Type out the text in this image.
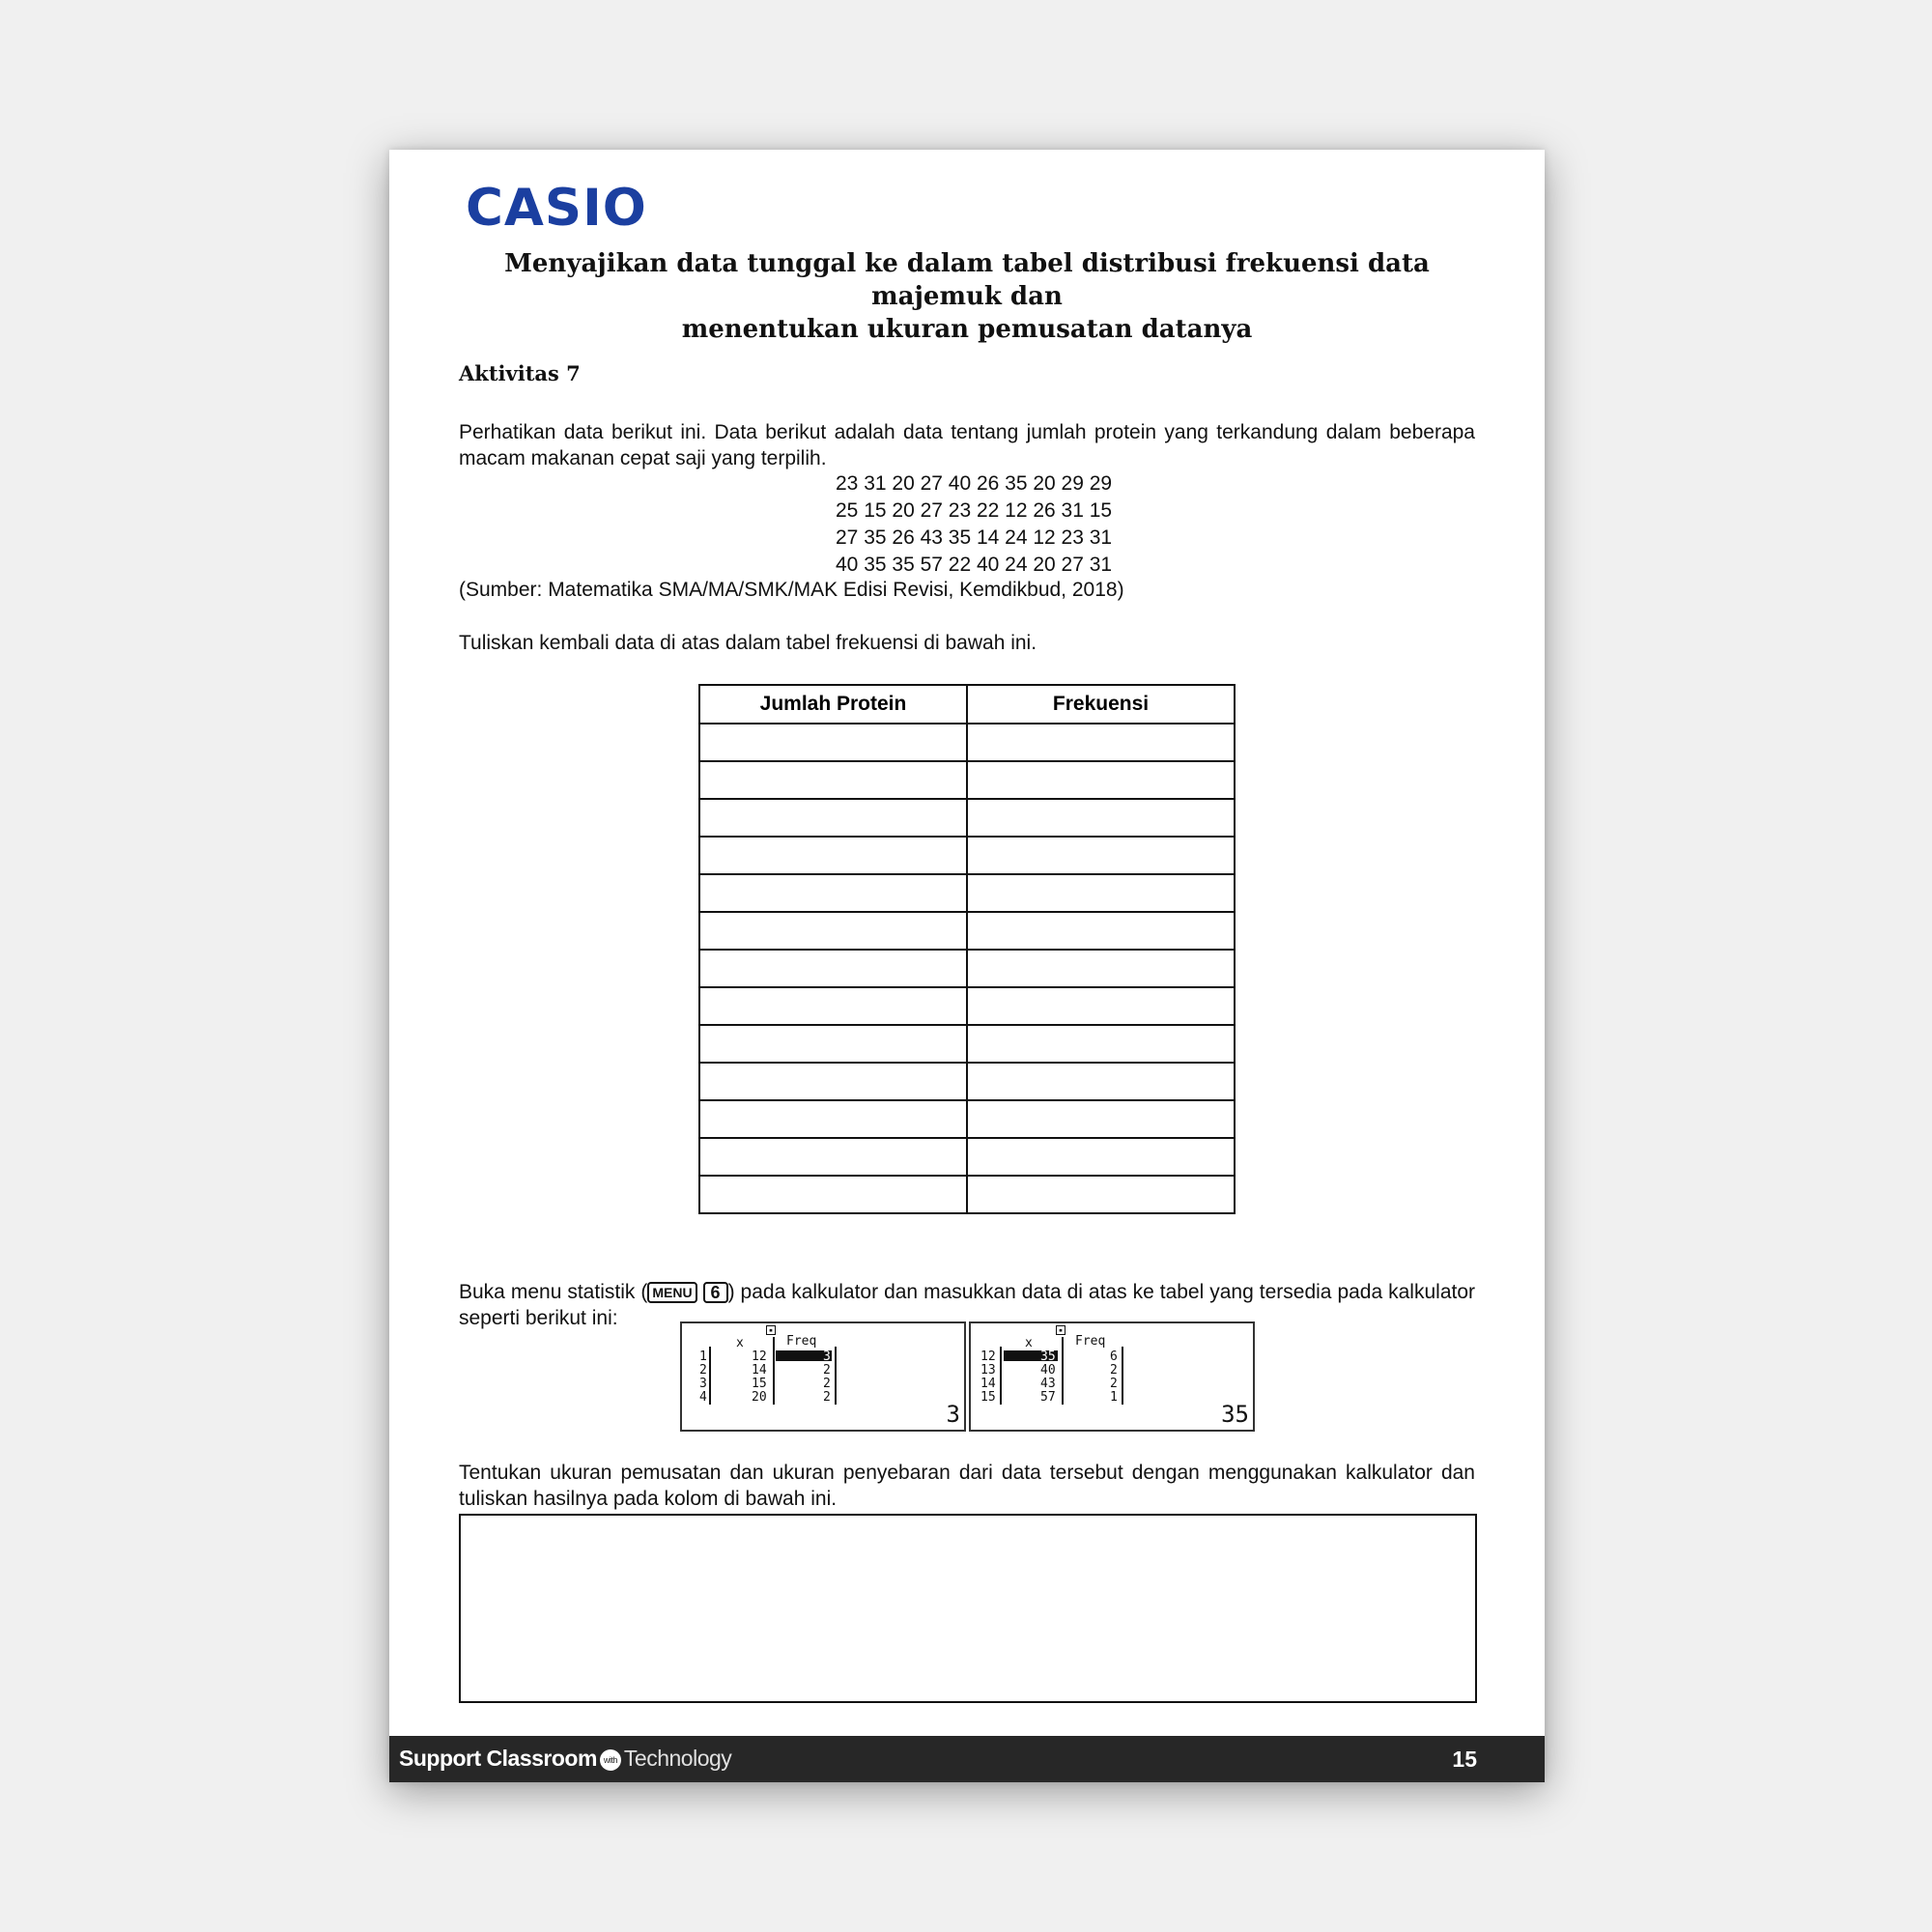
CASIO
Menyajikan data tunggal ke dalam tabel distribusi frekuensi data majemuk dan
menentukan ukuran pemusatan datanya
Aktivitas 7
Perhatikan data berikut ini. Data berikut adalah data tentang jumlah protein yang terkandung dalam beberapa macam makanan cepat saji yang terpilih.
23 31 20 27 40 26 35 20 29 29
25 15 20 27 23 22 12 26 31 15
27 35 26 43 35 14 24 12 23 31
40 35 35 57 22 40 24 20 27 31
(Sumber: Matematika SMA/MA/SMK/MAK Edisi Revisi, Kemdikbud, 2018)
Tuliskan kembali data di atas dalam tabel frekuensi di bawah ini.
Jumlah Protein	Frekuensi

Buka menu statistik ( MENU 6 ) pada kalkulator dan masukkan data di atas ke tabel yang tersedia pada kalkulator seperti berikut ini:
▪
x	Freq
1	12	3
2	14	2
3	15	2
4	20	2
3
▪
x	Freq
12	35	6
13	40	2
14	43	2
15	57	1
35
Tentukan ukuran pemusatan dan ukuran penyebaran dari data tersebut dengan menggunakan kalkulator dan tuliskan hasilnya pada kolom di bawah ini.
Support Classroom with Technology	15
